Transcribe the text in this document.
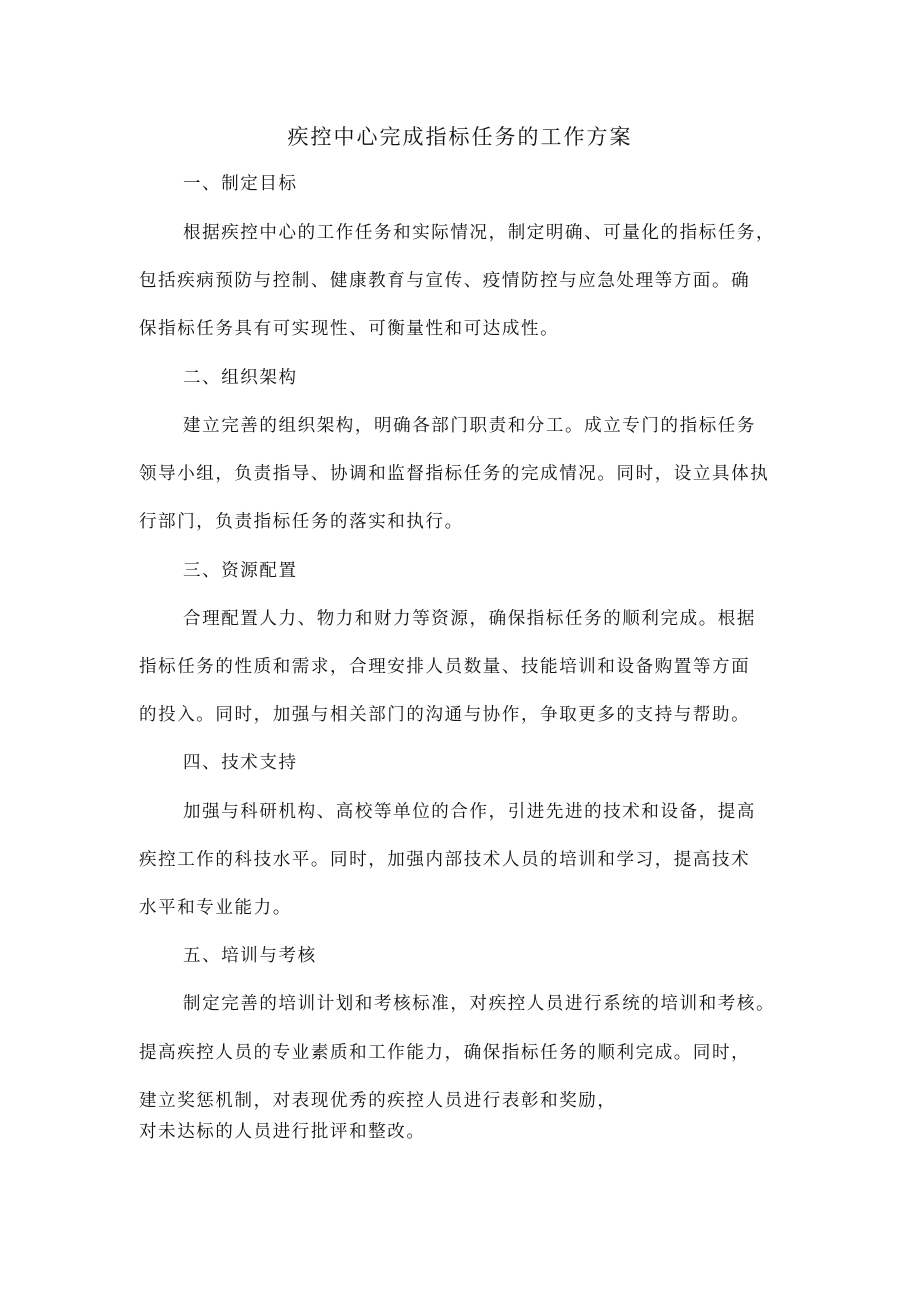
疾控中心完成指标任务的工作方案
一、制定目标
根据疾控中心的工作任务和实际情况，制定明确、可量化的指标任务，
包括疾病预防与控制、健康教育与宣传、疫情防控与应急处理等方面。确
保指标任务具有可实现性、可衡量性和可达成性。
二、组织架构
建立完善的组织架构，明确各部门职责和分工。成立专门的指标任务
领导小组，负责指导、协调和监督指标任务的完成情况。同时，设立具体执
行部门，负责指标任务的落实和执行。
三、资源配置
合理配置人力、物力和财力等资源，确保指标任务的顺利完成。根据
指标任务的性质和需求，合理安排人员数量、技能培训和设备购置等方面
的投入。同时，加强与相关部门的沟通与协作，争取更多的支持与帮助。
四、技术支持
加强与科研机构、高校等单位的合作，引进先进的技术和设备，提高
疾控工作的科技水平。同时，加强内部技术人员的培训和学习，提高技术
水平和专业能力。
五、培训与考核
制定完善的培训计划和考核标准，对疾控人员进行系统的培训和考核。
提高疾控人员的专业素质和工作能力，确保指标任务的顺利完成。同时，
建立奖惩机制，对表现优秀的疾控人员进行表彰和奖励，
对未达标的人员进行批评和整改。
